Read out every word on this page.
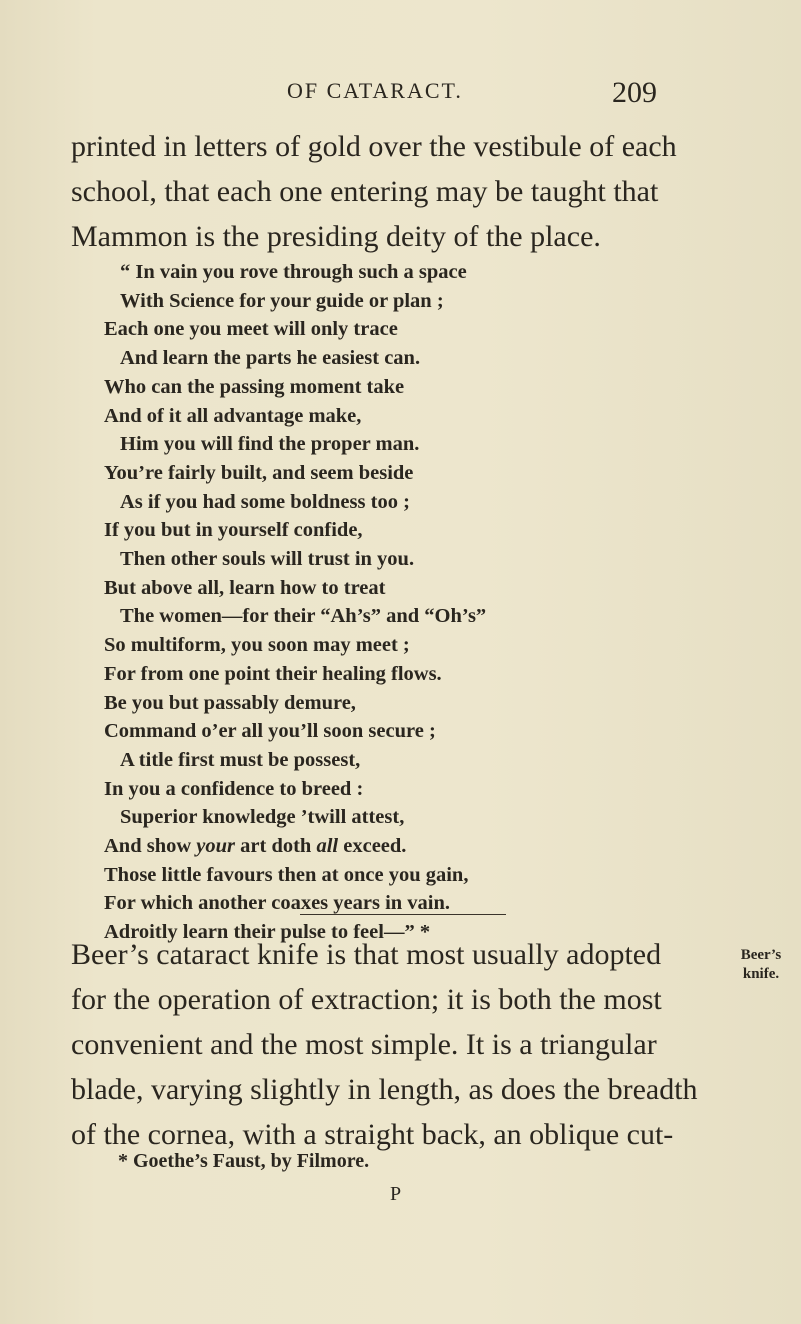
OF CATARACT.	209
printed in letters of gold over the vestibule of each
school, that each one entering may be taught that
Mammon is the presiding deity of the place.
“ In vain you rove through such a space
With Science for your guide or plan ;
Each one you meet will only trace
And learn the parts he easiest can.
Who can the passing moment take
And of it all advantage make,
Him you will find the proper man.
You’re fairly built, and seem beside
As if you had some boldness too ;
If you but in yourself confide,
Then other souls will trust in you.
But above all, learn how to treat
The women—for their “Ah’s” and “Oh’s”
So multiform, you soon may meet ;
For from one point their healing flows.
Be you but passably demure,
Command o’er all you’ll soon secure ;
A title first must be possest,
In you a confidence to breed :
Superior knowledge ’twill attest,
And show your art doth all exceed.
Those little favours then at once you gain,
For which another coaxes years in vain.
Adroitly learn their pulse to feel—” *
Beer’s cataract knife is that most usually adopted
for the operation of extraction; it is both the most
convenient and the most simple. It is a triangular
blade, varying slightly in length, as does the breadth
of the cornea, with a straight back, an oblique cut-
Beer’s
knife.
* Goethe’s Faust, by Filmore.
P
